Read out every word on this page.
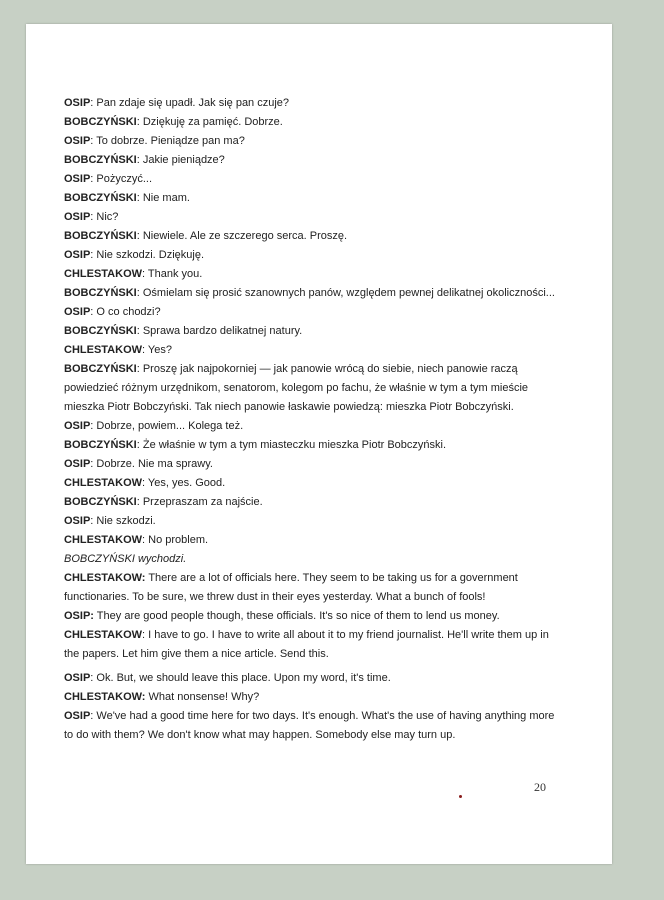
OSIP: Pan zdaje się upadł. Jak się pan czuje?

BOBCZYŃSKI: Dziękuję za pamięć. Dobrze.

OSIP: To dobrze. Pieniądze pan ma?

BOBCZYŃSKI: Jakie pieniądze?

OSIP: Pożyczyć...

BOBCZYŃSKI: Nie mam.

OSIP: Nic?

BOBCZYŃSKI: Niewiele. Ale ze szczerego serca. Proszę.

OSIP: Nie szkodzi. Dziękuję.

CHLESTAKOW: Thank you.

BOBCZYŃSKI: Ośmielam się prosić szanownych panów, względem pewnej delikatnej okoliczności...

OSIP: O co chodzi?

BOBCZYŃSKI: Sprawa bardzo delikatnej natury.

CHLESTAKOW: Yes?

BOBCZYŃSKI: Proszę jak najpokorniej — jak panowie wrócą do siebie, niech panowie raczą powiedzieć różnym urzędnikom, senatorom, kolegom po fachu, że właśnie w tym a tym mieście mieszka Piotr Bobczyński. Tak niech panowie łaskawie powiedzą: mieszka Piotr Bobczyński.

OSIP: Dobrze, powiem... Kolega też.

BOBCZYŃSKI: Że właśnie w tym a tym miasteczku mieszka Piotr Bobczyński.

OSIP: Dobrze. Nie ma sprawy.

CHLESTAKOW: Yes, yes. Good.

BOBCZYŃSKI: Przepraszam za najście.

OSIP: Nie szkodzi.

CHLESTAKOW: No problem.

BOBCZYŃSKI wychodzi.

CHLESTAKOW: There are a lot of officials here. They seem to be taking us for a government functionaries. To be sure, we threw dust in their eyes yesterday. What a bunch of fools!

OSIP: They are good people though, these officials. It's so nice of them to lend us money.

CHLESTAKOW: I have to go. I have to write all about it to my friend journalist. He'll write them up in the papers. Let him give them a nice article. Send this.

OSIP: Ok. But, we should leave this place. Upon my word, it's time.

CHLESTAKOW: What nonsense! Why?

OSIP: We've had a good time here for two days. It's enough. What's the use of having anything more to do with them? We don't know what may happen. Somebody else may turn up.

20
